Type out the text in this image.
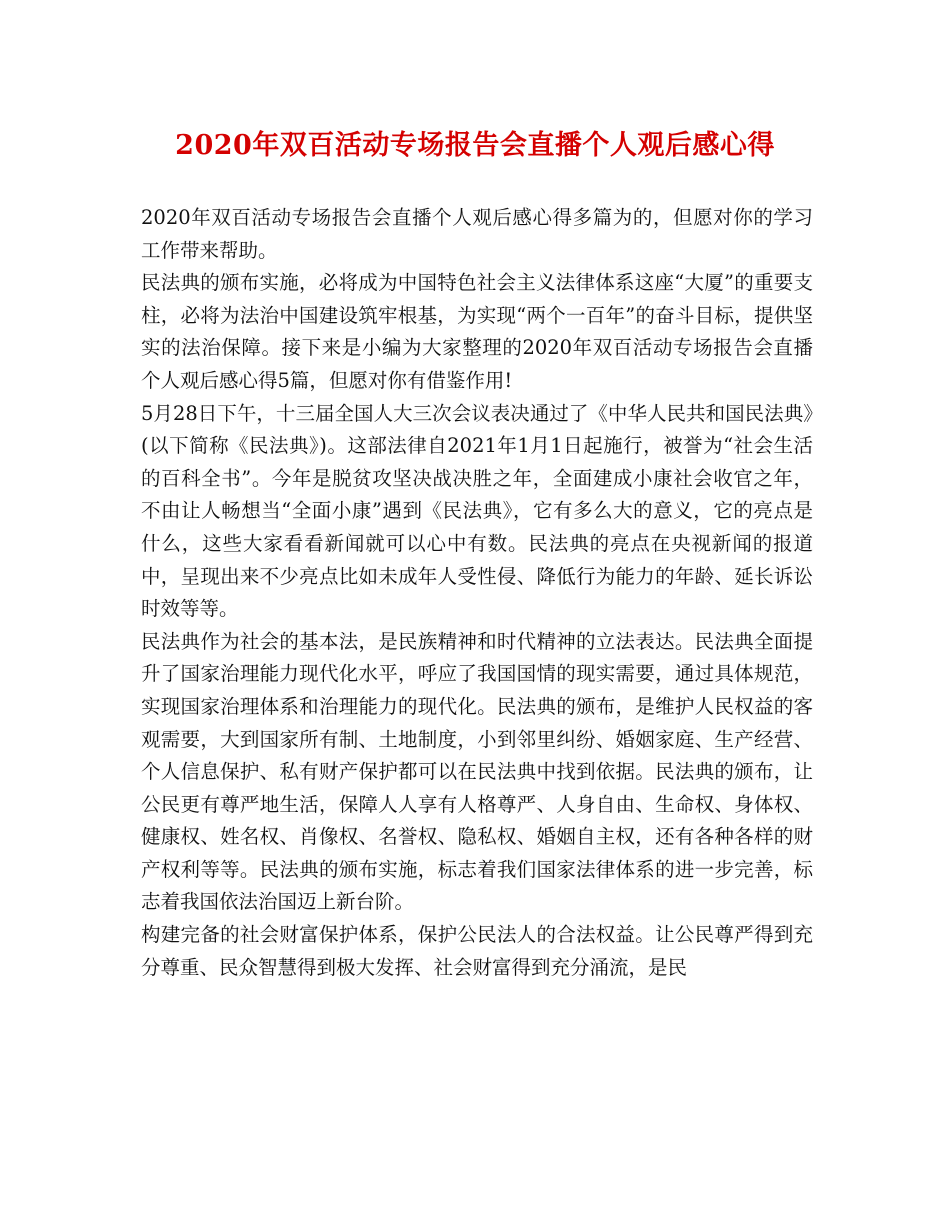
2020年双百活动专场报告会直播个人观后感心得

2020年双百活动专场报告会直播个人观后感心得多篇为的，但愿对你的学习工作带来帮助。

民法典的颁布实施，必将成为中国特色社会主义法律体系这座“大厦”的重要支柱，必将为法治中国建设筑牢根基，为实现“两个一百年”的奋斗目标，提供坚实的法治保障。接下来是小编为大家整理的2020年双百活动专场报告会直播个人观后感心得5篇，但愿对你有借鉴作用!

5月28日下午，十三届全国人大三次会议表决通过了《中华人民共和国民法典》(以下简称《民法典》)。这部法律自2021年1月1日起施行，被誉为“社会生活的百科全书”。今年是脱贫攻坚决战决胜之年，全面建成小康社会收官之年，不由让人畅想当“全面小康”遇到《民法典》，它有多么大的意义，它的亮点是什么，这些大家看看新闻就可以心中有数。民法典的亮点在央视新闻的报道中，呈现出来不少亮点比如未成年人受性侵、降低行为能力的年龄、延长诉讼时效等等。

民法典作为社会的基本法，是民族精神和时代精神的立法表达。民法典全面提升了国家治理能力现代化水平，呼应了我国国情的现实需要，通过具体规范，实现国家治理体系和治理能力的现代化。民法典的颁布，是维护人民权益的客观需要，大到国家所有制、土地制度，小到邻里纠纷、婚姻家庭、生产经营、个人信息保护、私有财产保护都可以在民法典中找到依据。民法典的颁布，让公民更有尊严地生活，保障人人享有人格尊严、人身自由、生命权、身体权、健康权、姓名权、肖像权、名誉权、隐私权、婚姻自主权，还有各种各样的财产权利等等。民法典的颁布实施，标志着我们国家法律体系的进一步完善，标志着我国依法治国迈上新台阶。

构建完备的社会财富保护体系，保护公民法人的合法权益。让公民尊严得到充分尊重、民众智慧得到极大发挥、社会财富得到充分涌流，是民
